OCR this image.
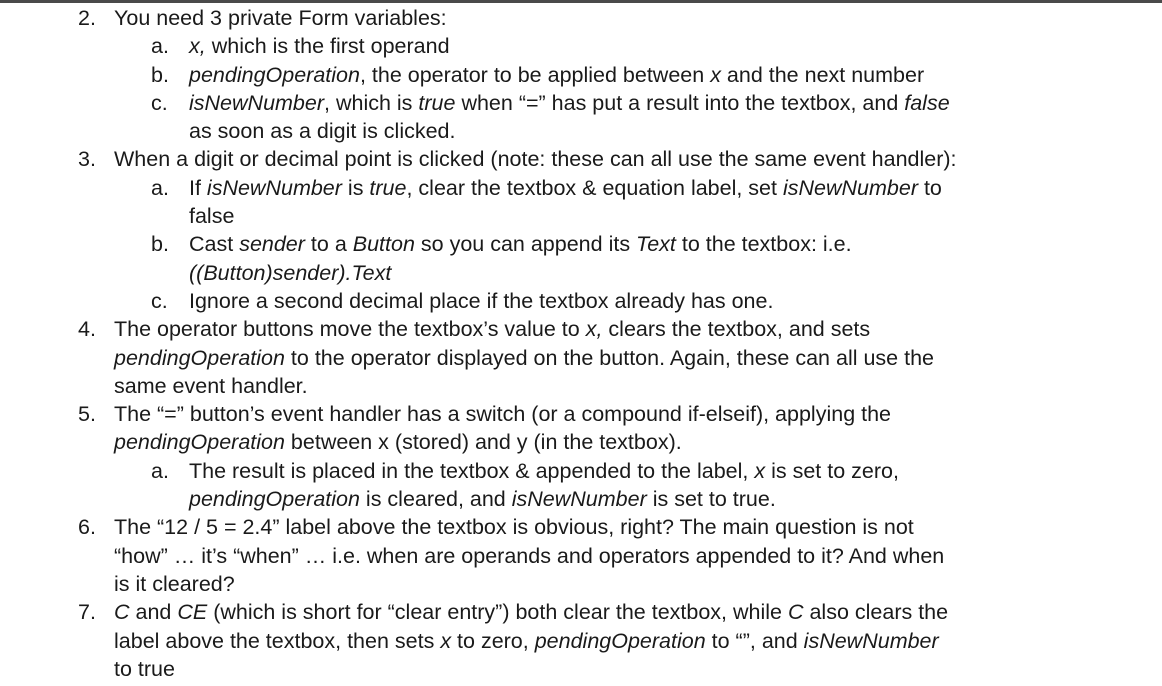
2. You need 3 private Form variables:
a. x, which is the first operand
b. pendingOperation, the operator to be applied between x and the next number
c. isNewNumber, which is true when “=” has put a result into the textbox, and false
as soon as a digit is clicked.
3. When a digit or decimal point is clicked (note: these can all use the same event handler):
a. If isNewNumber is true, clear the textbox & equation label, set isNewNumber to
false
b. Cast sender to a Button so you can append its Text to the textbox: i.e.
((Button)sender).Text
c. Ignore a second decimal place if the textbox already has one.
4. The operator buttons move the textbox’s value to x, clears the textbox, and sets
pendingOperation to the operator displayed on the button. Again, these can all use the
same event handler.
5. The “=” button’s event handler has a switch (or a compound if-elseif), applying the
pendingOperation between x (stored) and y (in the textbox).
a. The result is placed in the textbox & appended to the label, x is set to zero,
pendingOperation is cleared, and isNewNumber is set to true.
6. The “12 / 5 = 2.4” label above the textbox is obvious, right? The main question is not
“how” … it’s “when” … i.e. when are operands and operators appended to it? And when
is it cleared?
7. C and CE (which is short for “clear entry”) both clear the textbox, while C also clears the
label above the textbox, then sets x to zero, pendingOperation to “”, and isNewNumber
to true
